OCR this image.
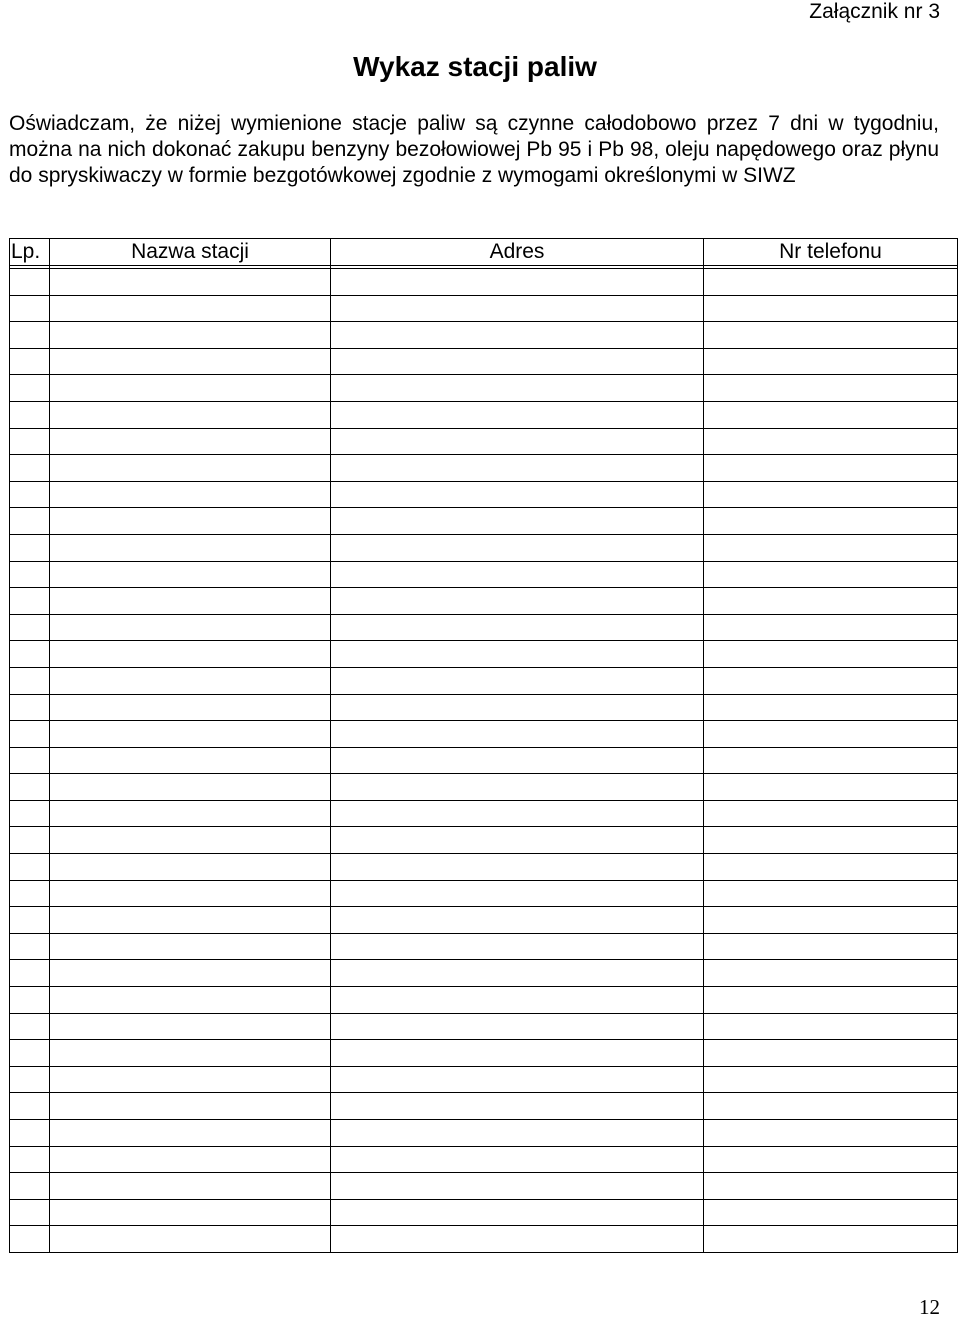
Załącznik nr 3
Wykaz stacji paliw

Oświadczam, że niżej wymienione stacje paliw są czynne całodobowo przez 7 dni w tygodniu, można na nich dokonać zakupu benzyny bezołowiowej Pb 95 i Pb 98, oleju napędowego oraz płynu do spryskiwaczy w formie bezgotówkowej zgodnie z wymogami określonymi w SIWZ

Lp.	Nazwa stacji	Adres	Nr telefonu

12
